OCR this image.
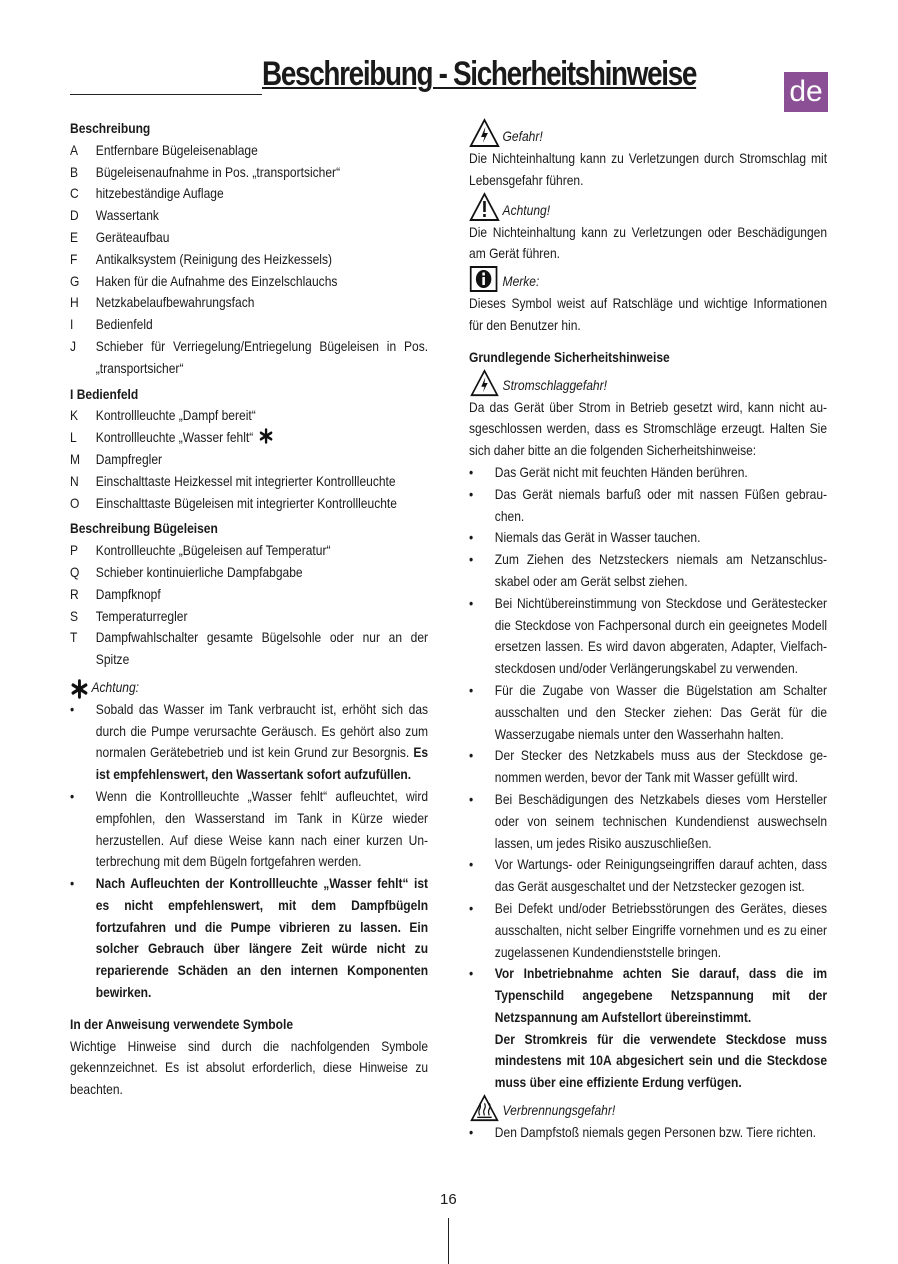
Beschreibung - Sicherheitshinweise	de
Beschreibung
A	Entfernbare Bügeleisenablage
B	Bügeleisenaufnahme in Pos. „transportsicher“
C	hitzebeständige Auflage
D	Wassertank
E	Geräteaufbau
F	Antikalksystem (Reinigung des Heizkessels)
G	Haken für die Aufnahme des Einzelschlauchs
H	Netzkabelaufbewahrungsfach
I	Bedienfeld
J	Schieber für Verriegelung/Entriegelung Bügeleisen in Pos. „transportsicher“
I Bedienfeld
K	Kontrollleuchte „Dampf bereit“
L	Kontrollleuchte „Wasser fehlt“
M	Dampfregler
N	Einschalttaste Heizkessel mit integrierter Kontrollleuchte
O	Einschalttaste Bügeleisen mit integrierter Kontrollleuchte
Beschreibung Bügeleisen
P	Kontrollleuchte „Bügeleisen auf Temperatur“
Q	Schieber kontinuierliche Dampfabgabe
R	Dampfknopf
S	Temperaturregler
T	Dampfwahlschalter gesamte Bügelsohle oder nur an der Spitze
Achtung:
•	Sobald das Wasser im Tank verbraucht ist, erhöht sich das durch die Pumpe verursachte Geräusch. Es gehört also zum normalen Gerätebetrieb und ist kein Grund zur Besorgnis. Es ist empfehlenswert, den Wassertank sofort aufzufüllen.
•	Wenn die Kontrollleuchte „Wasser fehlt“ aufleuchtet, wird empfohlen, den Wasserstand im Tank in Kürze wieder herzustellen. Auf diese Weise kann nach einer kurzen Unterbrechung mit dem Bügeln fortgefahren werden.
•	Nach Aufleuchten der Kontrollleuchte „Wasser fehlt“ ist es nicht empfehlenswert, mit dem Dampfbügeln fortzufahren und die Pumpe vibrieren zu lassen. Ein solcher Gebrauch über längere Zeit würde nicht zu reparierende Schäden an den internen Komponenten bewirken.
In der Anweisung verwendete Symbole
Wichtige Hinweise sind durch die nachfolgenden Symbole gekennzeichnet. Es ist absolut erforderlich, diese Hinweise zu beachten.
Gefahr!
Die Nichteinhaltung kann zu Verletzungen durch Stromschlag mit Lebensgefahr führen.
Achtung!
Die Nichteinhaltung kann zu Verletzungen oder Beschädigungen am Gerät führen.
Merke:
Dieses Symbol weist auf Ratschläge und wichtige Informationen für den Benutzer hin.
Grundlegende Sicherheitshinweise
Stromschlaggefahr!
Da das Gerät über Strom in Betrieb gesetzt wird, kann nicht ausgeschlossen werden, dass es Stromschläge erzeugt. Halten Sie sich daher bitte an die folgenden Sicherheitshinweise:
•	Das Gerät nicht mit feuchten Händen berühren.
•	Das Gerät niemals barfuß oder mit nassen Füßen gebrauchen.
•	Niemals das Gerät in Wasser tauchen.
•	Zum Ziehen des Netzsteckers niemals am Netzanschlusskabel oder am Gerät selbst ziehen.
•	Bei Nichtübereinstimmung von Steckdose und Gerätestecker die Steckdose von Fachpersonal durch ein geeignetes Modell ersetzen lassen. Es wird davon abgeraten, Adapter, Vielfachsteckdosen und/oder Verlängerungskabel zu verwenden.
•	Für die Zugabe von Wasser die Bügelstation am Schalter ausschalten und den Stecker ziehen: Das Gerät für die Wasserzugabe niemals unter den Wasserhahn halten.
•	Der Stecker des Netzkabels muss aus der Steckdose genommen werden, bevor der Tank mit Wasser gefüllt wird.
•	Bei Beschädigungen des Netzkabels dieses vom Hersteller oder von seinem technischen Kundendienst auswechseln lassen, um jedes Risiko auszuschließen.
•	Vor Wartungs- oder Reinigungseingriffen darauf achten, dass das Gerät ausgeschaltet und der Netzstecker gezogen ist.
•	Bei Defekt und/oder Betriebsstörungen des Gerätes, dieses ausschalten, nicht selber Eingriffe vornehmen und es zu einer zugelassenen Kundendienststelle bringen.
•	Vor Inbetriebnahme achten Sie darauf, dass die im Typenschild angegebene Netzspannung mit der Netzspannung am Aufstellort übereinstimmt.
Der Stromkreis für die verwendete Steckdose muss mindestens mit 10A abgesichert sein und die Steckdose muss über eine effiziente Erdung verfügen.
Verbrennungsgefahr!
•	Den Dampfstoß niemals gegen Personen bzw. Tiere richten.
16
